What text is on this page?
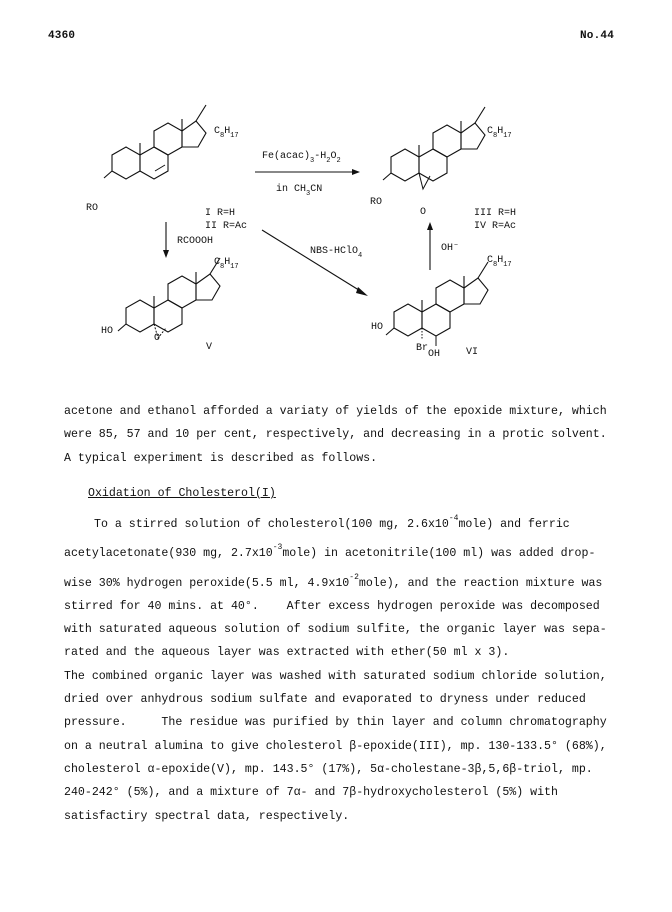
4360	No.44
RO
$C_8H_{17}$
I R=H
II R=Ac
$Fe(acac)_3-H_2O_2$
in $CH_3CN$
RO
O
$C_8H_{17}$
III R=H
IV R=Ac
RCOOOH
NBS-HClO$_4$
OH⁻
HO
O
$C_8H_{17}$
V
HO
Br
OH
$C_8H_{17}$
VI

acetone and ethanol afforded a variaty of yields of the epoxide mixture, which

were 85, 57 and 10 per cent, respectively, and decreasing in a protic solvent.

A typical experiment is described as follows.

Oxidation of Cholesterol(I)

To a stirred solution of cholesterol(100 mg, $2.6x10^{-4}mole$) and ferric

acetylacetonate(930 mg, $2.7x10^{-3}mole$) in acetonitrile(100 ml) was added drop-

wise 30% hydrogen peroxide(5.5 ml, $4.9x10^{-2}mole$), and the reaction mixture was

stirred for 40 mins. at 40°.    After excess hydrogen peroxide was decomposed

with saturated aqueous solution of sodium sulfite, the organic layer was sepa-

rated and the aqueous layer was extracted with ether(50 ml x 3).

The combined organic layer was washed with saturated sodium chloride solution,

dried over anhydrous sodium sulfate and evaporated to dryness under reduced

pressure.     The residue was purified by thin layer and column chromatography

on a neutral alumina to give cholesterol β-epoxide(III), mp. 130-133.5° (68%),

cholesterol α-epoxide(V), mp. 143.5° (17%), 5α-cholestane-3β,5,6β-triol, mp.

240-242° (5%), and a mixture of 7α- and 7β-hydroxycholesterol (5%) with

satisfactiry spectral data, respectively.
